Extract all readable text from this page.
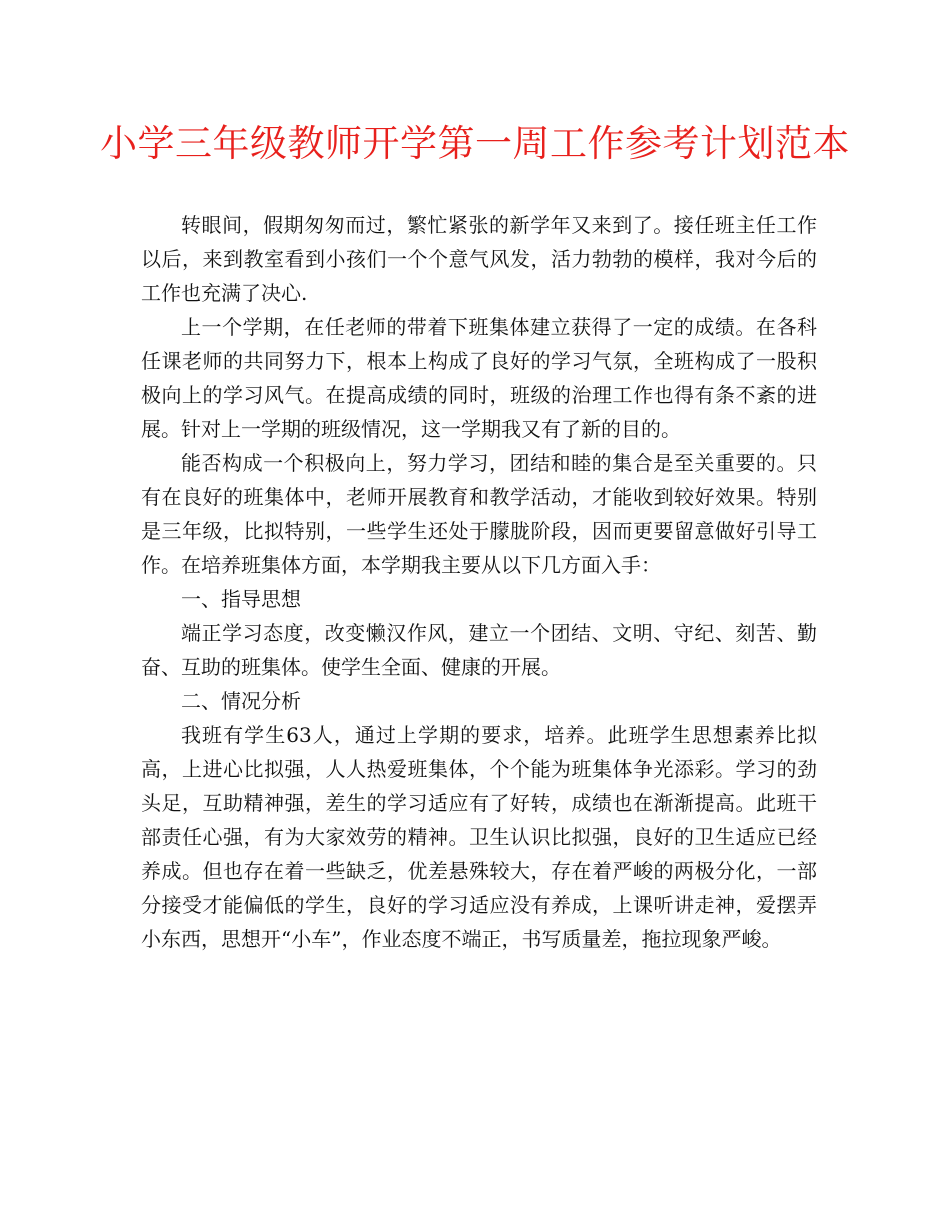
小学三年级教师开学第一周工作参考计划范本

转眼间，假期匆匆而过，繁忙紧张的新学年又来到了。接任班主任工作以后，来到教室看到小孩们一个个意气风发，活力勃勃的模样，我对今后的工作也充满了决心.

上一个学期，在任老师的带着下班集体建立获得了一定的成绩。在各科任课老师的共同努力下，根本上构成了良好的学习气氛，全班构成了一股积极向上的学习风气。在提高成绩的同时，班级的治理工作也得有条不紊的进展。针对上一学期的班级情况，这一学期我又有了新的目的。

能否构成一个积极向上，努力学习，团结和睦的集合是至关重要的。只有在良好的班集体中，老师开展教育和教学活动，才能收到较好效果。特别是三年级，比拟特别，一些学生还处于朦胧阶段，因而更要留意做好引导工作。在培养班集体方面，本学期我主要从以下几方面入手：

一、指导思想

端正学习态度，改变懒汉作风，建立一个团结、文明、守纪、刻苦、勤奋、互助的班集体。使学生全面、健康的开展。

二、情况分析

我班有学生63人，通过上学期的要求，培养。此班学生思想素养比拟高，上进心比拟强，人人热爱班集体，个个能为班集体争光添彩。学习的劲头足，互助精神强，差生的学习适应有了好转，成绩也在渐渐提高。此班干部责任心强，有为大家效劳的精神。卫生认识比拟强，良好的卫生适应已经养成。但也存在着一些缺乏，优差悬殊较大，存在着严峻的两极分化，一部分接受才能偏低的学生，良好的学习适应没有养成，上课听讲走神，爱摆弄小东西，思想开“小车”，作业态度不端正，书写质量差，拖拉现象严峻。
